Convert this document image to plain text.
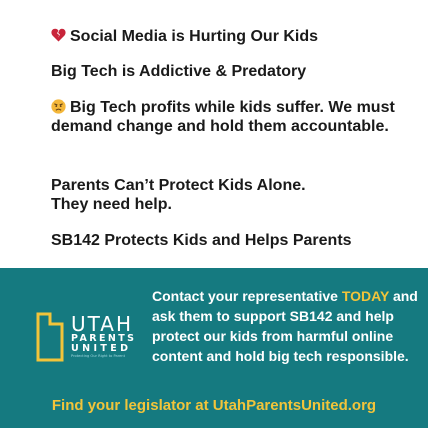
Social Media is Hurting Our Kids

Big Tech is Addictive & Predatory

Big Tech profits while kids suffer. We must demand change and hold them accountable.

Parents Can’t Protect Kids Alone.

They need help.

SB142 Protects Kids and Helps Parents

UTAH
PARENTS
UNITED
Protecting Our Right to Parent

Contact your representative TODAY and ask them to support SB142 and help protect our kids from harmful online content and hold big tech responsible.

Find your legislator at UtahParentsUnited.org
